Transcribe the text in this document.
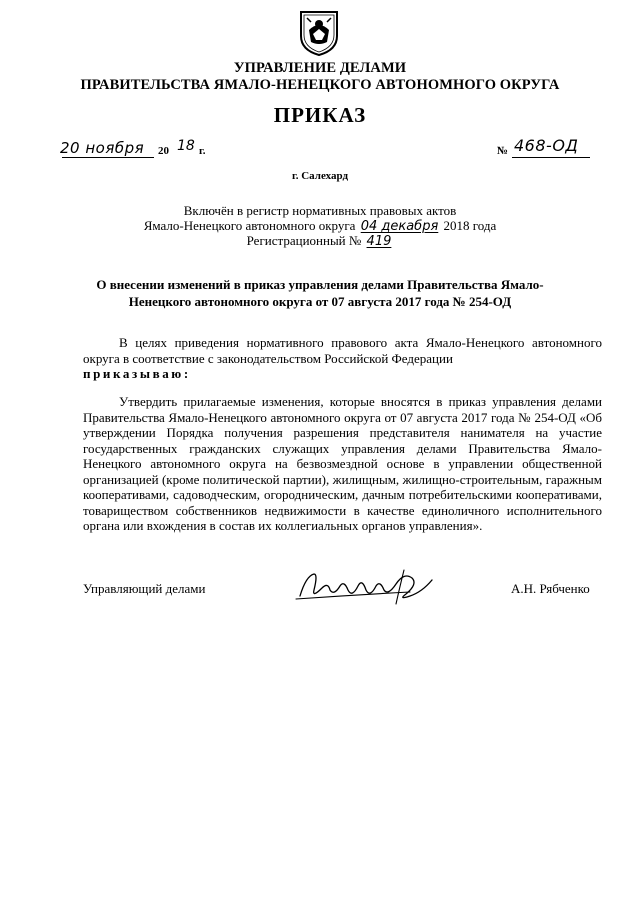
УПРАВЛЕНИЕ ДЕЛАМИ
ПРАВИТЕЛЬСТВА ЯМАЛО-НЕНЕЦКОГО АВТОНОМНОГО ОКРУГА
ПРИКАЗ
20 ноября 20 18 г.	№ 468-ОД
г. Салехард
Включён в регистр нормативных правовых актов
Ямало-Ненецкого автономного округа 04 декабря 2018 года
Регистрационный № 419
О внесении изменений в приказ управления делами Правительства Ямало-
Ненецкого автономного округа от 07 августа 2017 года № 254-ОД

В целях приведения нормативного правового акта Ямало-Ненецкого автономного округа в соответствие с законодательством Российской Федерации

приказываю:

Утвердить прилагаемые изменения, которые вносятся в приказ управления делами Правительства Ямало-Ненецкого автономного округа от 07 августа 2017 года № 254-ОД «Об утверждении Порядка получения разрешения представителя нанимателя на участие государственных гражданских служащих управления делами Правительства Ямало-Ненецкого автономного округа на безвозмездной основе в управлении общественной организацией (кроме политической партии), жилищным, жилищно-строительным, гаражным кооперативами, садоводческим, огородническим, дачным потребительскими кооперативами, товариществом собственников недвижимости в качестве единоличного исполнительного органа или вхождения в состав их коллегиальных органов управления».

Управляющий делами	А.Н. Рябченко
